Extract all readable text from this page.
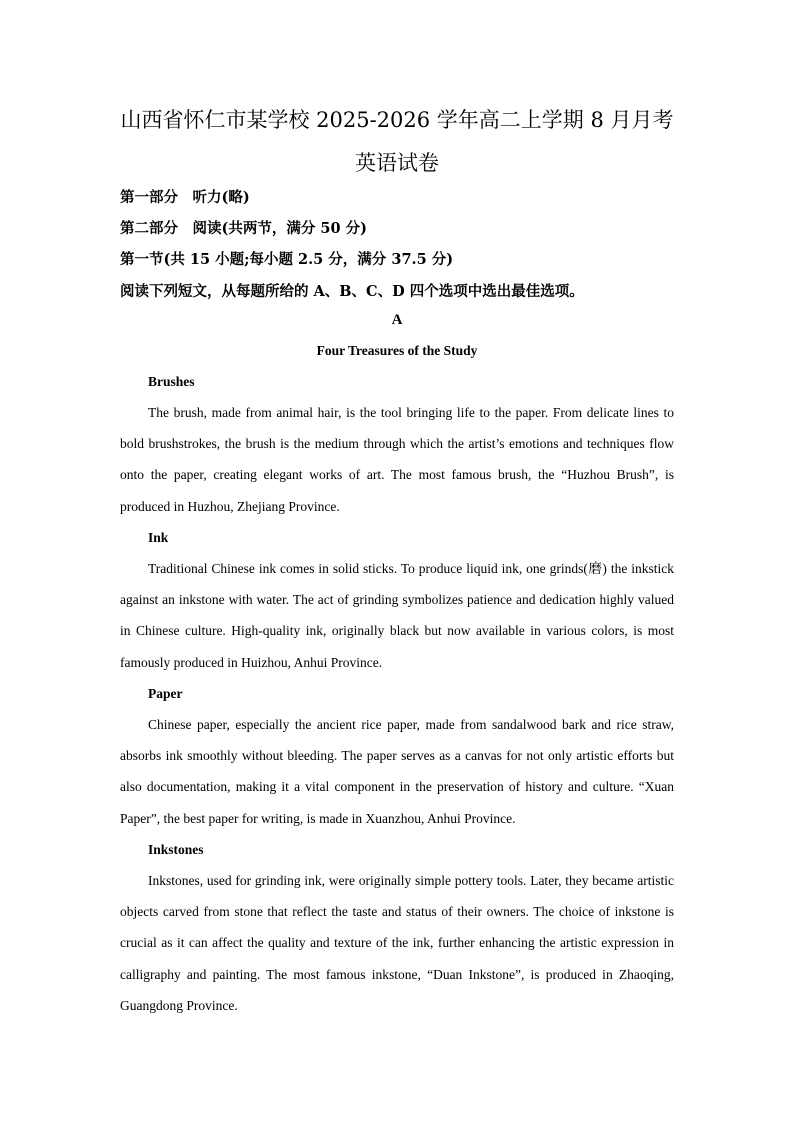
山西省怀仁市某学校 2025-2026 学年高二上学期 8 月月考
英语试卷
第一部分　听力(略)
第二部分　阅读(共两节，满分 50 分)
第一节(共 15 小题;每小题 2.5 分，满分 37.5 分)
阅读下列短文，从每题所给的 A、B、C、D 四个选项中选出最佳选项。
A
Four Treasures of the Study
Brushes

The brush, made from animal hair, is the tool bringing life to the paper. From delicate lines to bold brushstrokes, the brush is the medium through which the artist’s emotions and techniques flow onto the paper, creating elegant works of art. The most famous brush, the “Huzhou Brush”, is produced in Huzhou, Zhejiang Province.

Ink

Traditional Chinese ink comes in solid sticks. To produce liquid ink, one grinds(磨) the inkstick against an inkstone with water. The act of grinding symbolizes patience and dedication highly valued in Chinese culture. High-quality ink, originally black but now available in various colors, is most famously produced in Huizhou, Anhui Province.

Paper

Chinese paper, especially the ancient rice paper, made from sandalwood bark and rice straw, absorbs ink smoothly without bleeding. The paper serves as a canvas for not only artistic efforts but also documentation, making it a vital component in the preservation of history and culture. “Xuan Paper”, the best paper for writing, is made in Xuanzhou, Anhui Province.

Inkstones

Inkstones, used for grinding ink, were originally simple pottery tools. Later, they became artistic objects carved from stone that reflect the taste and status of their owners. The choice of inkstone is crucial as it can affect the quality and texture of the ink, further enhancing the artistic expression in calligraphy and painting. The most famous inkstone, “Duan Inkstone”, is produced in Zhaoqing, Guangdong Province.
